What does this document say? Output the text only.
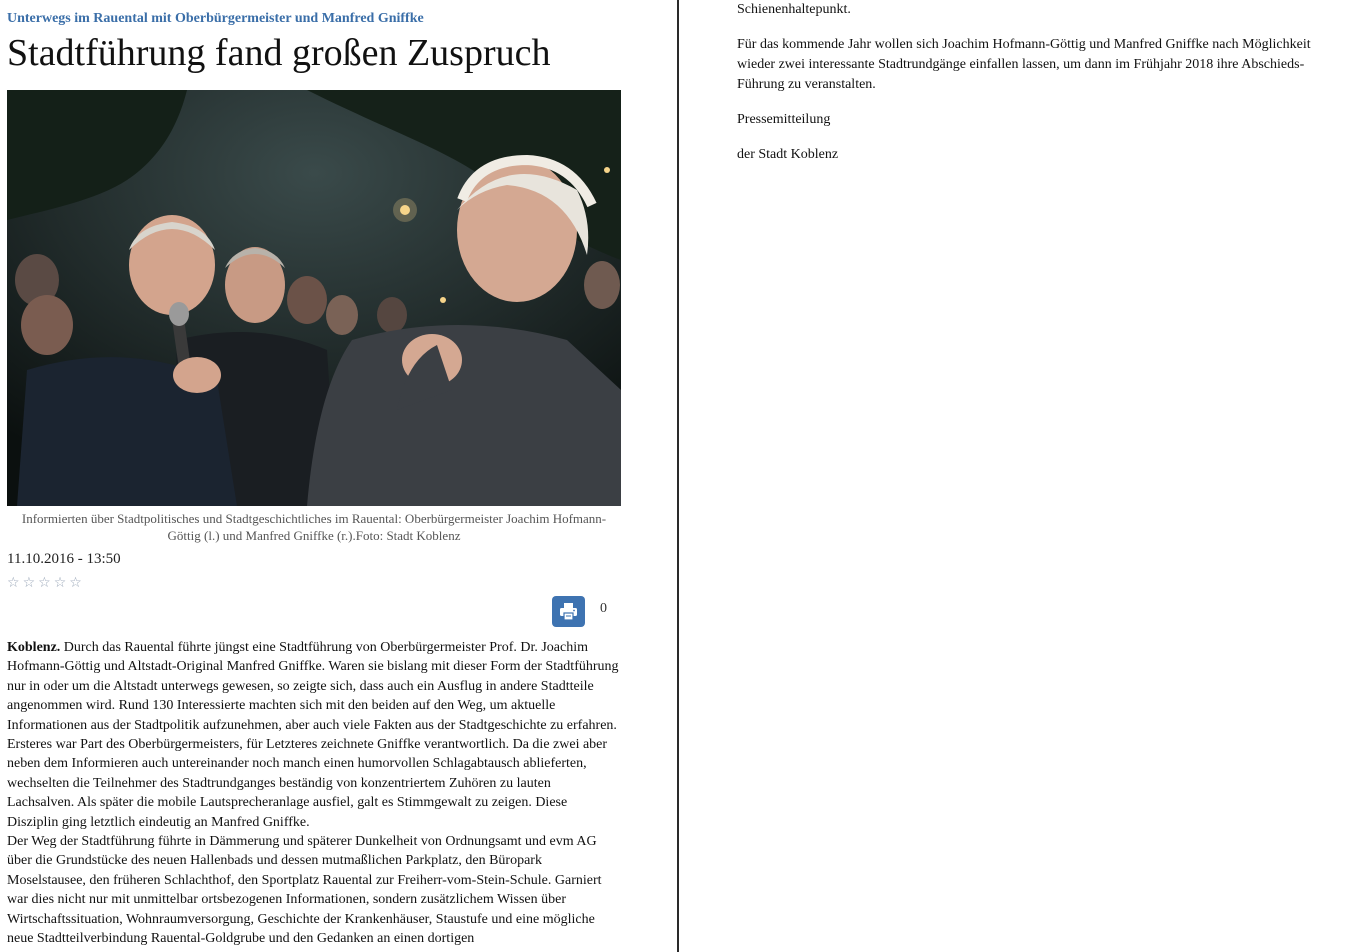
Unterwegs im Rauental mit Oberbürgermeister und Manfred Gniffke
Stadtführung fand großen Zuspruch
Informierten über Stadtpolitisches und Stadtgeschichtliches im Rauental: Oberbürgermeister Joachim Hofmann-Göttig (l.) und Manfred Gniffke (r.).Foto: Stadt Koblenz
11.10.2016 - 13:50
☆ ☆ ☆ ☆ ☆
0

Koblenz. Durch das Rauental führte jüngst eine Stadtführung von Oberbürgermeister Prof. Dr. Joachim Hofmann-Göttig und Altstadt-Original Manfred Gniffke. Waren sie bislang mit dieser Form der Stadtführung nur in oder um die Altstadt unterwegs gewesen, so zeigte sich, dass auch ein Ausflug in andere Stadtteile angenommen wird. Rund 130 Interessierte machten sich mit den beiden auf den Weg, um aktuelle Informationen aus der Stadtpolitik aufzunehmen, aber auch viele Fakten aus der Stadtgeschichte zu erfahren. Ersteres war Part des Oberbürgermeisters, für Letzteres zeichnete Gniffke verantwortlich. Da die zwei aber neben dem Informieren auch untereinander noch manch einen humorvollen Schlagabtausch ablieferten, wechselten die Teilnehmer des Stadtrundganges beständig von konzentriertem Zuhören zu lauten Lachsalven. Als später die mobile Lautsprecheranlage ausfiel, galt es Stimmgewalt zu zeigen. Diese Disziplin ging letztlich eindeutig an Manfred Gniffke.

Der Weg der Stadtführung führte in Dämmerung und späterer Dunkelheit von Ordnungsamt und evm AG über die Grundstücke des neuen Hallenbads und dessen mutmaßlichen Parkplatz, den Büropark Moselstausee, den früheren Schlachthof, den Sportplatz Rauental zur Freiherr-vom-Stein-Schule. Garniert war dies nicht nur mit unmittelbar ortsbezogenen Informationen, sondern zusätzlichem Wissen über Wirtschaftssituation, Wohnraumversorgung, Geschichte der Krankenhäuser, Staustufe und eine mögliche neue Stadtteilverbindung Rauental-Goldgrube und den Gedanken an einen dortigen

Schienenhaltepunkt.

Für das kommende Jahr wollen sich Joachim Hofmann-Göttig und Manfred Gniffke nach Möglichkeit wieder zwei interessante Stadtrundgänge einfallen lassen, um dann im Frühjahr 2018 ihre Abschieds-Führung zu veranstalten.

Pressemitteilung

der Stadt Koblenz
